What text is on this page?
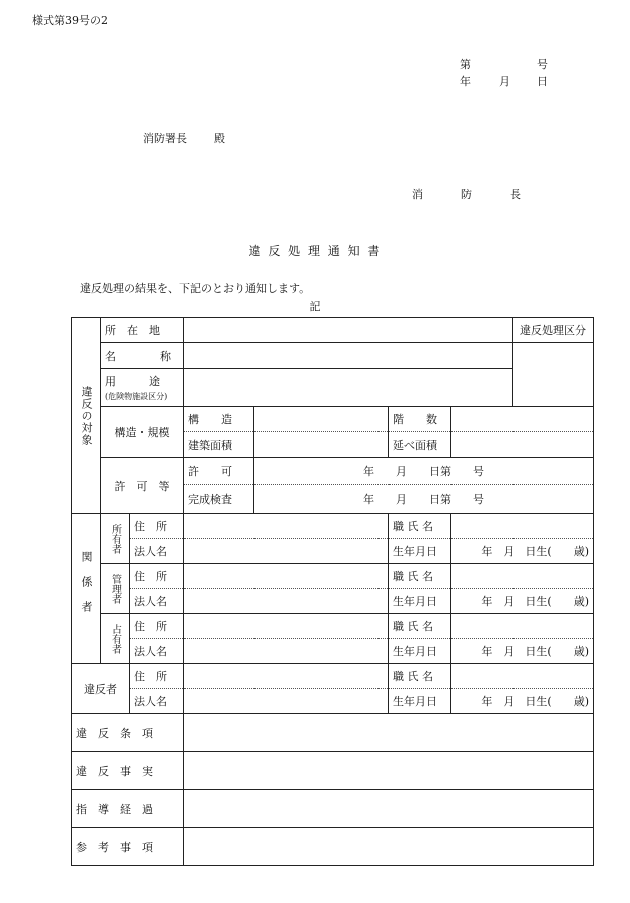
様式第39号の2
第	号
年	月 日
消防署長 殿
消	防	長
違 反 処 理 通 知 書
違反処理の結果を、下記のとおり通知します。
記
違反の対象	所　在　地						違反処理区分
	名　　　　称						
	用　　　途
(危険物施設区分)						

	構造・規模		構　　造		階　　数		
			建築面積		延べ面積		
	許　可　等		許　　可	年　　月　　日第　　号			
			完成検査	年　　月　　日第　　号			

関係者	所有者	住　所			職 氏 名		
		法人名			生年月日	年　月　日生(　　歳)	

	管理者	住　所			職 氏 名		
		法人名			生年月日	年　月　日生(　　歳)	

	占有者	住　所			職 氏 名		
		法人名			生年月日	年　月　日生(　　歳)	
違反者		住　所			職 氏 名		
		法人名			生年月日	年　月　日生(　　歳)	
違　反　条　項							
違　反　事　実							
指　導　経　過							
参　考　事　項							
